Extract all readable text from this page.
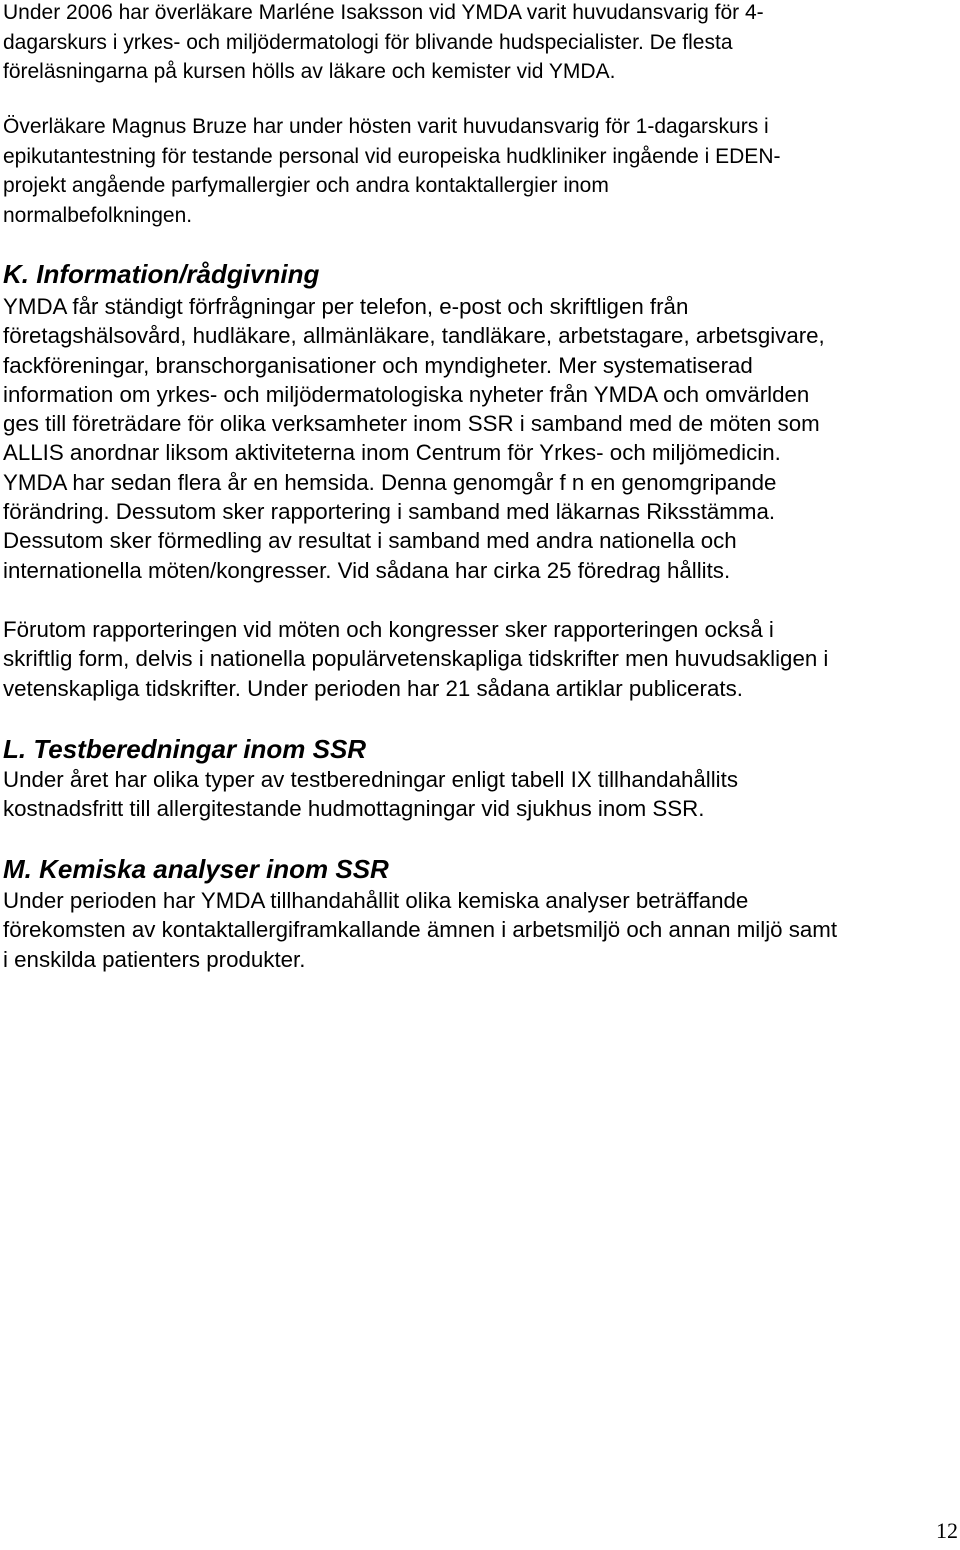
Under 2006 har överläkare Marléne Isaksson vid YMDA varit huvudansvarig för 4-
dagarskurs i yrkes- och miljödermatologi för blivande hudspecialister. De flesta
föreläsningarna på kursen hölls av läkare och kemister vid YMDA.

Överläkare Magnus Bruze har under hösten varit huvudansvarig för 1-dagarskurs i
epikutantestning för testande personal vid europeiska hudkliniker ingående i EDEN-
projekt angående parfymallergier och andra kontaktallergier inom
normalbefolkningen.

K. Information/rådgivning

YMDA får ständigt förfrågningar per telefon, e-post och skriftligen från
företagshälsovård, hudläkare, allmänläkare, tandläkare, arbetstagare, arbetsgivare,
fackföreningar, branschorganisationer och myndigheter. Mer systematiserad
information om yrkes- och miljödermatologiska nyheter från YMDA och omvärlden
ges till företrädare för olika verksamheter inom SSR i samband med de möten som
ALLIS anordnar liksom aktiviteterna inom Centrum för Yrkes- och miljömedicin.
YMDA har sedan flera år en hemsida. Denna genomgår f n en genomgripande
förändring. Dessutom sker rapportering i samband med läkarnas Riksstämma.
Dessutom sker förmedling av resultat i samband med andra nationella och
internationella möten/kongresser. Vid sådana har cirka 25 föredrag hållits.

Förutom rapporteringen vid möten och kongresser sker rapporteringen också i
skriftlig form, delvis i nationella populärvetenskapliga tidskrifter men huvudsakligen i
vetenskapliga tidskrifter. Under perioden har 21 sådana artiklar publicerats.

L. Testberedningar inom SSR

Under året har olika typer av testberedningar enligt tabell IX tillhandahållits
kostnadsfritt till allergitestande hudmottagningar vid sjukhus inom SSR.

M. Kemiska analyser inom SSR

Under perioden har YMDA tillhandahållit olika kemiska analyser beträffande
förekomsten av kontaktallergiframkallande ämnen i arbetsmiljö och annan miljö samt
i enskilda patienters produkter.

12
